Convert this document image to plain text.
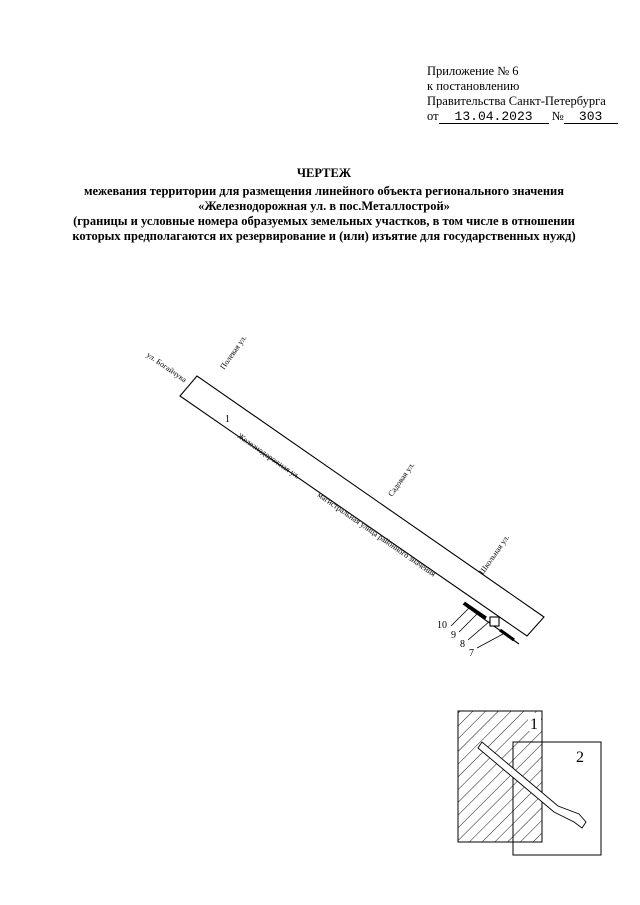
Приложение № 6
к постановлению
Правительства Санкт-Петербурга
от 13.04.2023 № 303
ЧЕРТЕЖ
межевания территории для размещения линейного объекта регионального значения
«Железнодорожная ул. в пос.Металлострой»
(границы и условные номера образуемых земельных участков, в том числе в отношении
которых предполагаются их резервирование и (или) изъятие для государственных нужд)
ул. Богайчука	Полевая ул.
Садовая ул.
Школьная ул.
Железнодорожная ул.
магистральная улица районного значения
1
10
9
8
7
1
2
